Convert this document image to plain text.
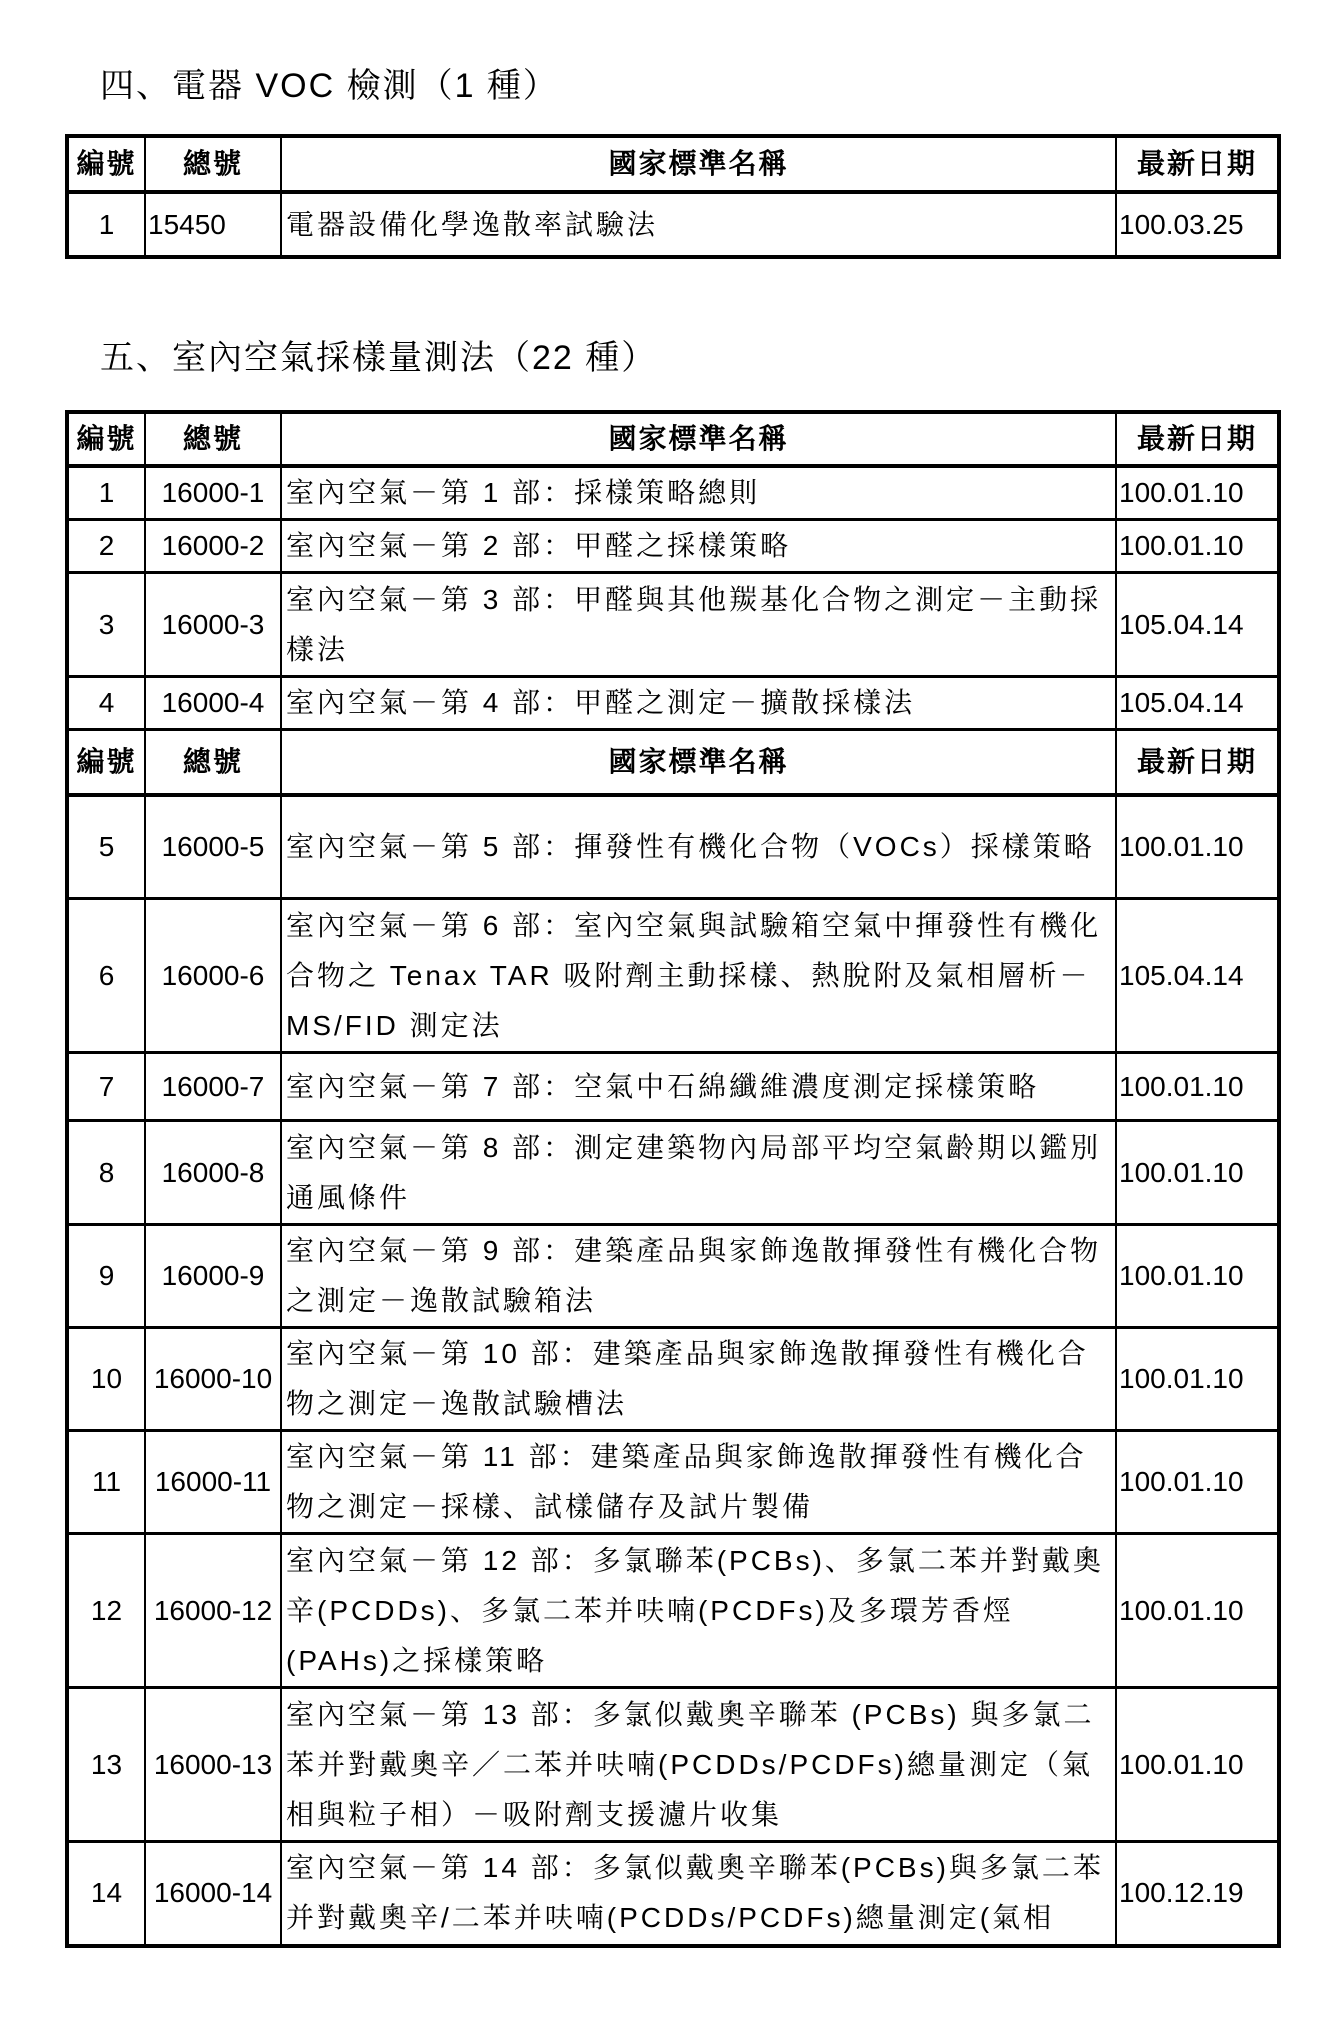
四、電器 VOC 檢測（1 種）
編號	總號	國家標準名稱	最新日期
1	15450	電器設備化學逸散率試驗法	100.03.25
五、室內空氣採樣量測法（22 種）
編號	總號	國家標準名稱	最新日期
1	16000-1	室內空氣－第 1 部：採樣策略總則	100.01.10
2	16000-2	室內空氣－第 2 部：甲醛之採樣策略	100.01.10
3	16000-3	室內空氣－第 3 部：甲醛與其他羰基化合物之測定－主動採樣法	105.04.14
4	16000-4	室內空氣－第 4 部：甲醛之測定－擴散採樣法	105.04.14
編號	總號	國家標準名稱	最新日期
5	16000-5	室內空氣－第 5 部：揮發性有機化合物（VOCs）採樣策略	100.01.10
6	16000-6	室內空氣－第 6 部：室內空氣與試驗箱空氣中揮發性有機化合物之 Tenax TAR 吸附劑主動採樣、熱脫附及氣相層析－MS/FID 測定法	105.04.14
7	16000-7	室內空氣－第 7 部：空氣中石綿纖維濃度測定採樣策略	100.01.10
8	16000-8	室內空氣－第 8 部：測定建築物內局部平均空氣齡期以鑑別通風條件	100.01.10
9	16000-9	室內空氣－第 9 部：建築產品與家飾逸散揮發性有機化合物之測定－逸散試驗箱法	100.01.10
10	16000-10	室內空氣－第 10 部：建築產品與家飾逸散揮發性有機化合物之測定－逸散試驗槽法	100.01.10
11	16000-11	室內空氣－第 11 部：建築產品與家飾逸散揮發性有機化合物之測定－採樣、試樣儲存及試片製備	100.01.10
12	16000-12	室內空氣－第 12 部：多氯聯苯(PCBs)、多氯二苯并對戴奧辛(PCDDs)、多氯二苯并呋喃(PCDFs)及多環芳香烴(PAHs)之採樣策略	100.01.10
13	16000-13	室內空氣－第 13 部：多氯似戴奧辛聯苯 (PCBs) 與多氯二苯并對戴奧辛／二苯并呋喃(PCDDs/PCDFs)總量測定（氣相與粒子相）－吸附劑支援濾片收集	100.01.10
14	16000-14	室內空氣－第 14 部：多氯似戴奧辛聯苯(PCBs)與多氯二苯并對戴奧辛/二苯并呋喃(PCDDs/PCDFs)總量測定(氣相	100.12.19
